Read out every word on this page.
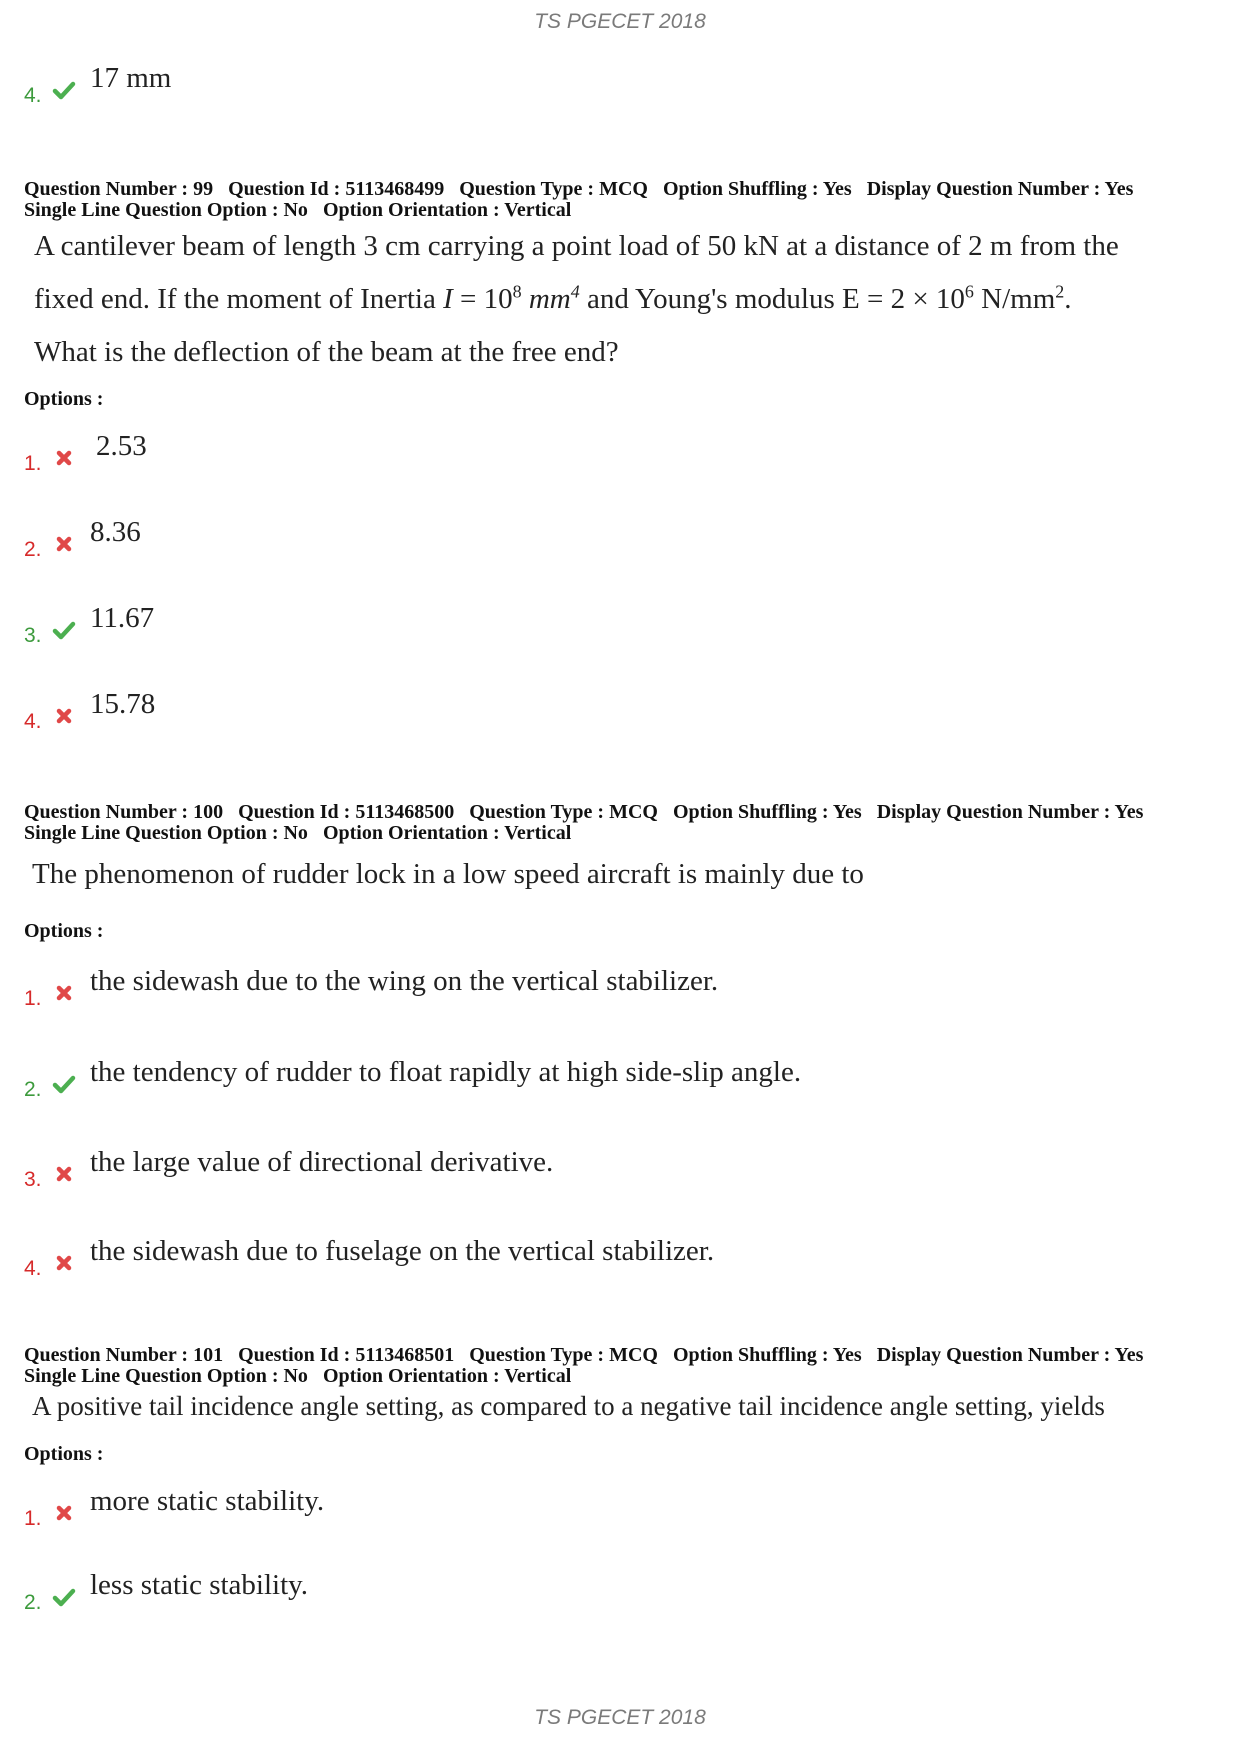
TS PGECET 2018
4.
17 mm
Question Number : 99 Question Id : 5113468499 Question Type : MCQ Option Shuffling : Yes Display Question Number : Yes
Single Line Question Option : No Option Orientation : Vertical
A cantilever beam of length 3 cm carrying a point load of 50 kN at a distance of 2 m from the
fixed end. If the moment of Inertia $I = 10^8$ $mm^4$ and Young's modulus $E = 2 \times 10^6$ $N/mm^2$.
What is the deflection of the beam at the free end?
Options :
1.
2.53
2.
8.36
3.
11.67
4.
15.78
Question Number : 100 Question Id : 5113468500 Question Type : MCQ Option Shuffling : Yes Display Question Number : Yes
Single Line Question Option : No Option Orientation : Vertical
The phenomenon of rudder lock in a low speed aircraft is mainly due to
Options :
1.
the sidewash due to the wing on the vertical stabilizer.
2.
the tendency of rudder to float rapidly at high side-slip angle.
3.
the large value of directional derivative.
4.
the sidewash due to fuselage on the vertical stabilizer.
Question Number : 101 Question Id : 5113468501 Question Type : MCQ Option Shuffling : Yes Display Question Number : Yes
Single Line Question Option : No Option Orientation : Vertical
A positive tail incidence angle setting, as compared to a negative tail incidence angle setting, yields
Options :
1.
more static stability.
2.
less static stability.
TS PGECET 2018
